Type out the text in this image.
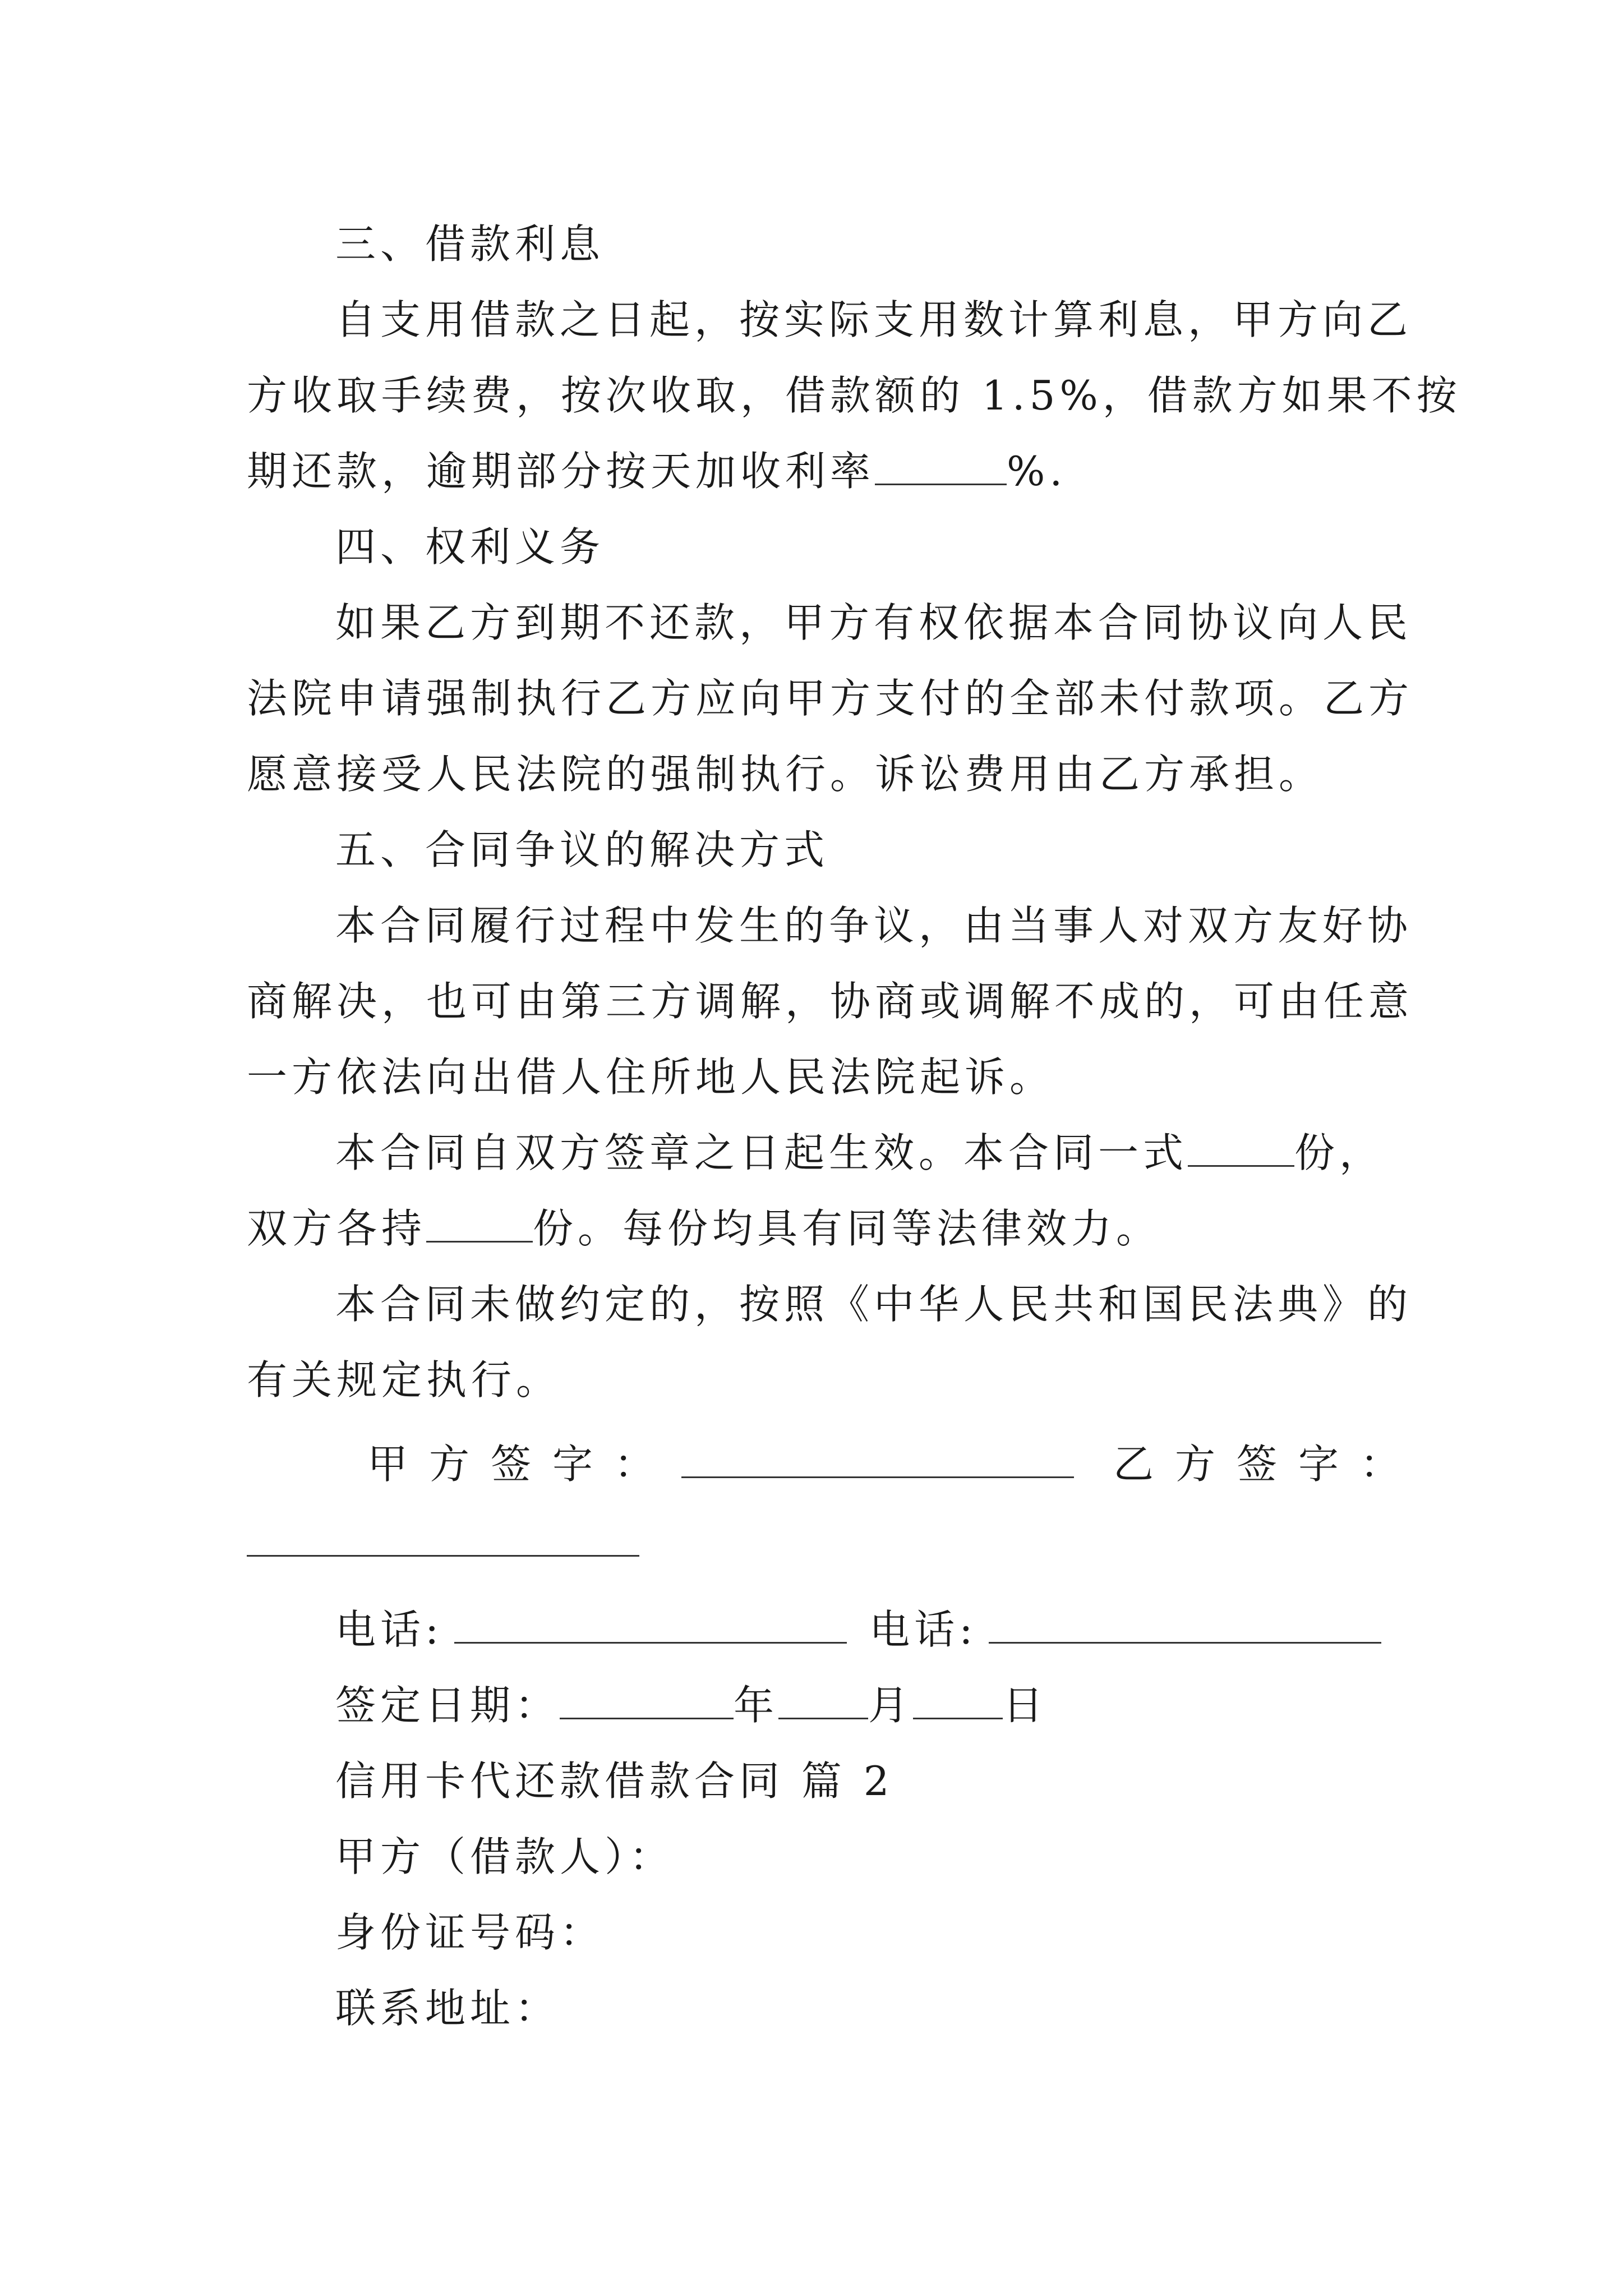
三、借款利息
自支用借款之日起，按实际支用数计算利息，甲方向乙
方收取手续费，按次收取，借款额的 1.5%，借款方如果不按
期还款，逾期部分按天加收利率	%.
四、权利义务
如果乙方到期不还款，甲方有权依据本合同协议向人民
法院申请强制执行乙方应向甲方支付的全部未付款项。乙方
愿意接受人民法院的强制执行。诉讼费用由乙方承担。
五、合同争议的解决方式
本合同履行过程中发生的争议，由当事人对双方友好协
商解决，也可由第三方调解，协商或调解不成的，可由任意
一方依法向出借人住所地人民法院起诉。
本合同自双方签章之日起生效。本合同一式	份，
双方各持	份。每份均具有同等法律效力。
本合同未做约定的，按照《中华人民共和国民法典》的
有关规定执行。
甲方签字：	乙方签字：
电话:	电话:
签定日期：	年 月 日
信用卡代还款借款合同 篇 2
甲方（借款人）：
身份证号码：
联系地址：
